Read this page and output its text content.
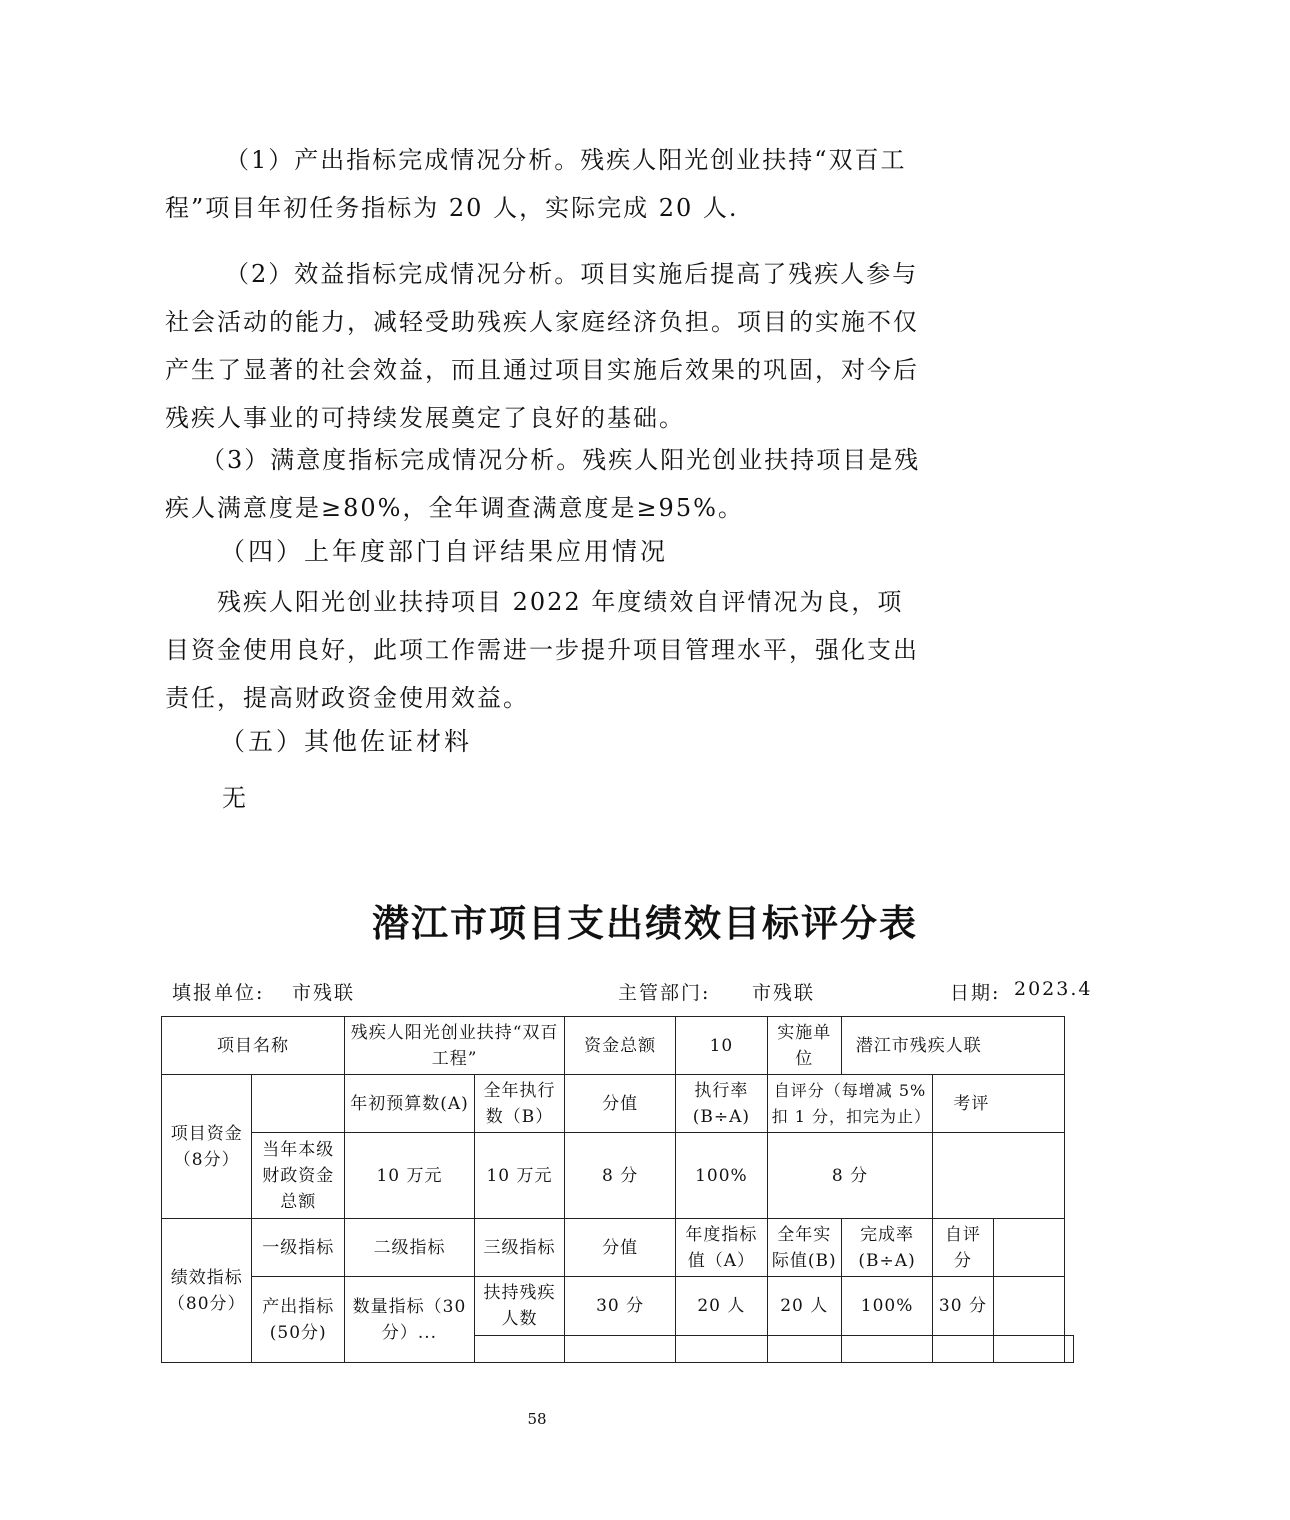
（1）产出指标完成情况分析。残疾人阳光创业扶持“双百工程”项目年初任务指标为 20 人，实际完成 20 人.

（2）效益指标完成情况分析。项目实施后提高了残疾人参与社会活动的能力，减轻受助残疾人家庭经济负担。项目的实施不仅产生了显著的社会效益，而且通过项目实施后效果的巩固，对今后残疾人事业的可持续发展奠定了良好的基础。

（3）满意度指标完成情况分析。残疾人阳光创业扶持项目是残疾人满意度是≥80%，全年调查满意度是≥95%。

（四）上年度部门自评结果应用情况

残疾人阳光创业扶持项目 2022 年度绩效自评情况为良，项目资金使用良好，此项工作需进一步提升项目管理水平，强化支出责任，提高财政资金使用效益。

（五）其他佐证材料

无

潜江市项目支出绩效目标评分表
填报单位: 市残联	主管部门: 市残联	日期: 2023.4
项目名称		残疾人阳光创业扶持“双百工程”		资金总额	10	实施单位	潜江市残疾人联			
项目资金（8分）		年初预算数(A)	全年执行数（B）	分值	执行率(B÷A)	自评分（每增减 5% 扣 1 分，扣完为止）		考评		
	当年本级财政资金总额	10 万元	10 万元	8 分	100%	8 分				
绩效指标（80分）	一级指标	二级指标	三级指标	分值	年度指标值（A）	全年实际值(B)	完成率(B÷A)	自评分		
	产出指标(50分)	数量指标（30分）...	扶持残疾人数	30 分	20 人	20 人	100%	30 分		

58
